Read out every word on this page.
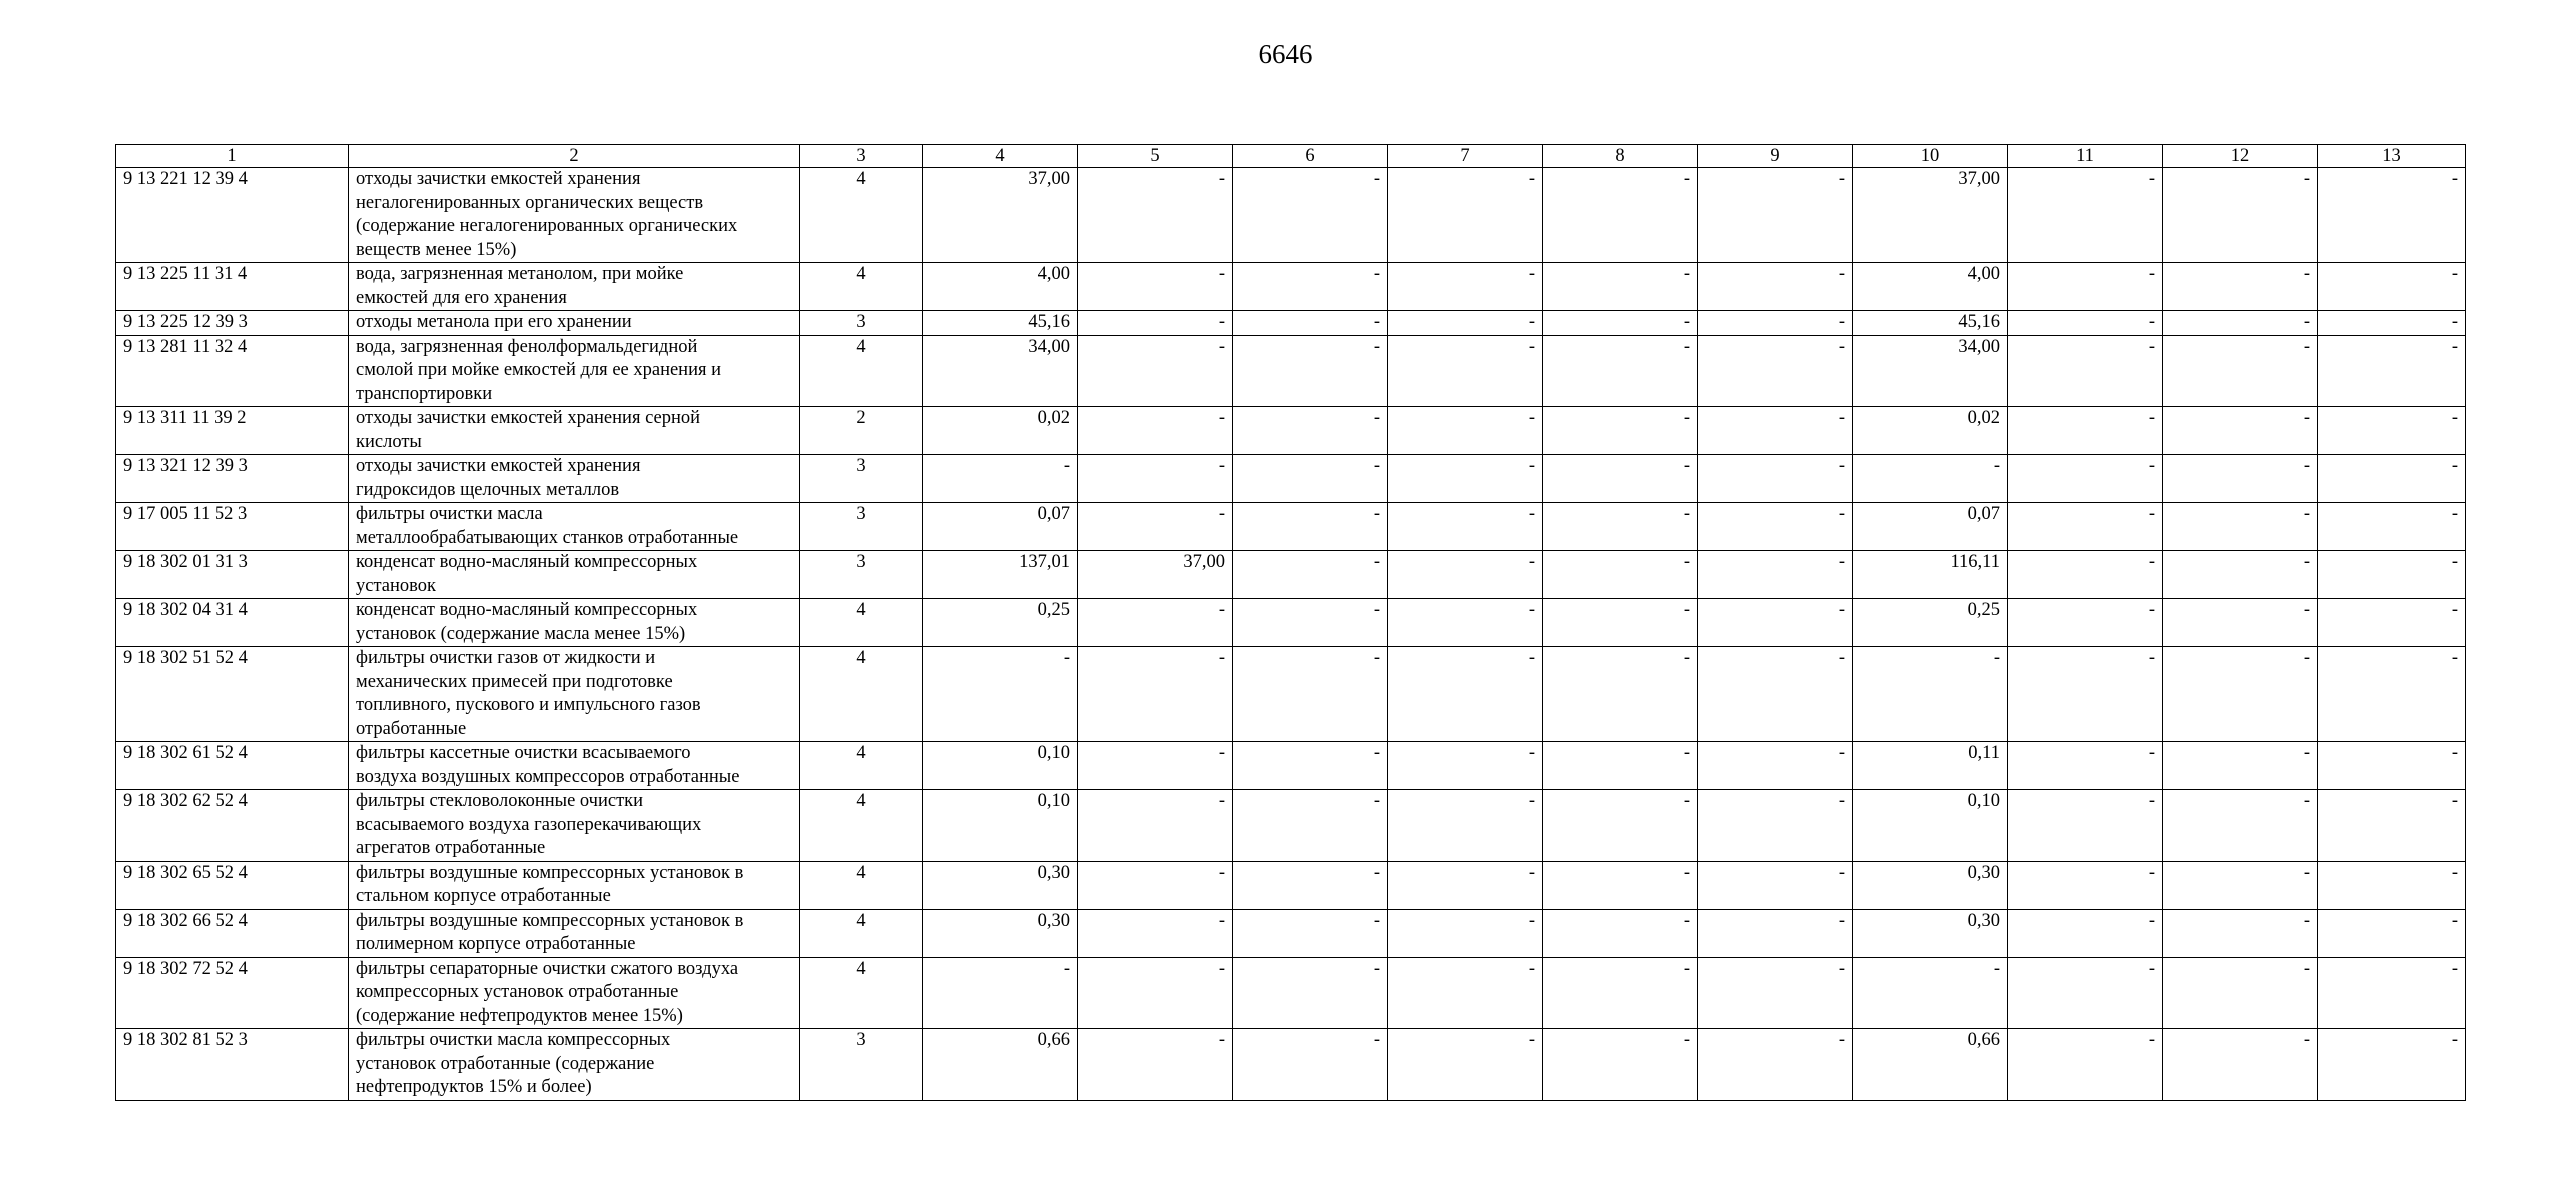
6646
1	2	3	4	5	6	7	8	9	10	11	12	13
9 13 221 12 39 4	отходы зачистки емкостей хранения
негалогенированных органических веществ
(содержание негалогенированных органических
веществ менее 15%)	4	37,00	-	-	-	-	-	37,00	-	-	-
9 13 225 11 31 4	вода, загрязненная метанолом, при мойке
емкостей для его хранения	4	4,00	-	-	-	-	-	4,00	-	-	-
9 13 225 12 39 3	отходы метанола при его хранении	3	45,16	-	-	-	-	-	45,16	-	-	-
9 13 281 11 32 4	вода, загрязненная фенолформальдегидной
смолой при мойке емкостей для ее хранения и
транспортировки	4	34,00	-	-	-	-	-	34,00	-	-	-
9 13 311 11 39 2	отходы зачистки емкостей хранения серной
кислоты	2	0,02	-	-	-	-	-	0,02	-	-	-
9 13 321 12 39 3	отходы зачистки емкостей хранения
гидроксидов щелочных металлов	3	-	-	-	-	-	-	-	-	-	-
9 17 005 11 52 3	фильтры очистки масла
металлообрабатывающих станков отработанные	3	0,07	-	-	-	-	-	0,07	-	-	-
9 18 302 01 31 3	конденсат водно-масляный компрессорных
установок	3	137,01	37,00	-	-	-	-	116,11	-	-	-
9 18 302 04 31 4	конденсат водно-масляный компрессорных
установок (содержание масла менее 15%)	4	0,25	-	-	-	-	-	0,25	-	-	-
9 18 302 51 52 4	фильтры очистки газов от жидкости и
механических примесей при подготовке
топливного, пускового и импульсного газов
отработанные	4	-	-	-	-	-	-	-	-	-	-
9 18 302 61 52 4	фильтры кассетные очистки всасываемого
воздуха воздушных компрессоров отработанные	4	0,10	-	-	-	-	-	0,11	-	-	-
9 18 302 62 52 4	фильтры стекловолоконные очистки
всасываемого воздуха газоперекачивающих
агрегатов отработанные	4	0,10	-	-	-	-	-	0,10	-	-	-
9 18 302 65 52 4	фильтры воздушные компрессорных установок в
стальном корпусе отработанные	4	0,30	-	-	-	-	-	0,30	-	-	-
9 18 302 66 52 4	фильтры воздушные компрессорных установок в
полимерном корпусе отработанные	4	0,30	-	-	-	-	-	0,30	-	-	-
9 18 302 72 52 4	фильтры сепараторные очистки сжатого воздуха
компрессорных установок отработанные
(содержание нефтепродуктов менее 15%)	4	-	-	-	-	-	-	-	-	-	-
9 18 302 81 52 3	фильтры очистки масла компрессорных
установок отработанные (содержание
нефтепродуктов 15% и более)	3	0,66	-	-	-	-	-	0,66	-	-	-
